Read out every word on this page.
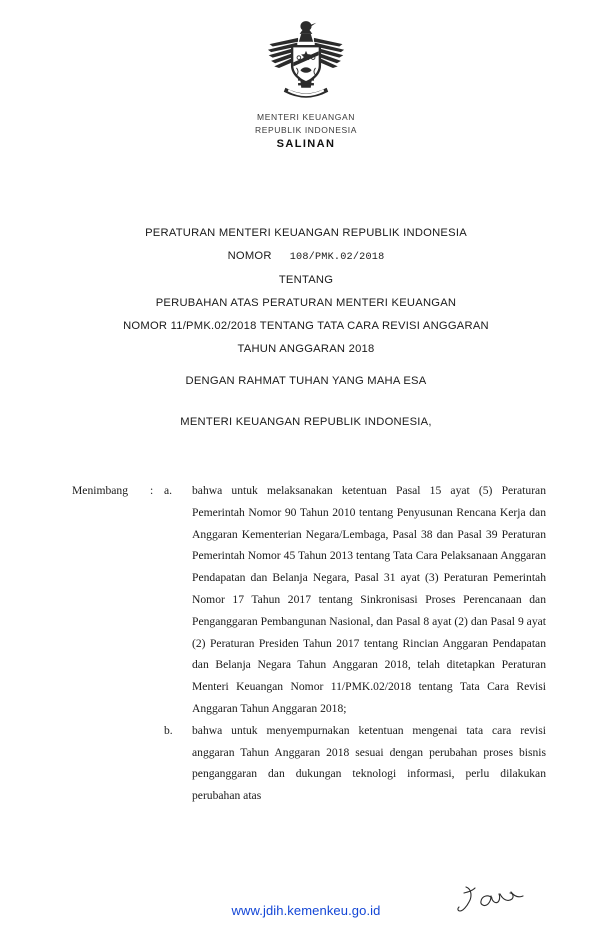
MENTERI KEUANGAN
REPUBLIK INDONESIA
SALINAN
PERATURAN MENTERI KEUANGAN REPUBLIK INDONESIA
NOMOR 108/PMK.02/2018
TENTANG
PERUBAHAN ATAS PERATURAN MENTERI KEUANGAN
NOMOR 11/PMK.02/2018 TENTANG TATA CARA REVISI ANGGARAN
TAHUN ANGGARAN 2018
DENGAN RAHMAT TUHAN YANG MAHA ESA
MENTERI KEUANGAN REPUBLIK INDONESIA,
Menimbang	: a.	bahwa untuk melaksanakan ketentuan Pasal 15 ayat (5) Peraturan Pemerintah Nomor 90 Tahun 2010 tentang Penyusunan Rencana Kerja dan Anggaran Kementerian Negara/Lembaga, Pasal 38 dan Pasal 39 Peraturan Pemerintah Nomor 45 Tahun 2013 tentang Tata Cara Pelaksanaan Anggaran Pendapatan dan Belanja Negara, Pasal 31 ayat (3) Peraturan Pemerintah Nomor 17 Tahun 2017 tentang Sinkronisasi Proses Perencanaan dan Penganggaran Pembangunan Nasional, dan Pasal 8 ayat (2) dan Pasal 9 ayat (2) Peraturan Presiden Tahun 2017 tentang Rincian Anggaran Pendapatan dan Belanja Negara Tahun Anggaran 2018, telah ditetapkan Peraturan Menteri Keuangan Nomor 11/PMK.02/2018 tentang Tata Cara Revisi Anggaran Tahun Anggaran 2018;
b.	bahwa untuk menyempurnakan ketentuan mengenai tata cara revisi anggaran Tahun Anggaran 2018 sesuai dengan perubahan proses bisnis penganggaran dan dukungan teknologi informasi, perlu dilakukan perubahan atas
www.jdih.kemenkeu.go.id
